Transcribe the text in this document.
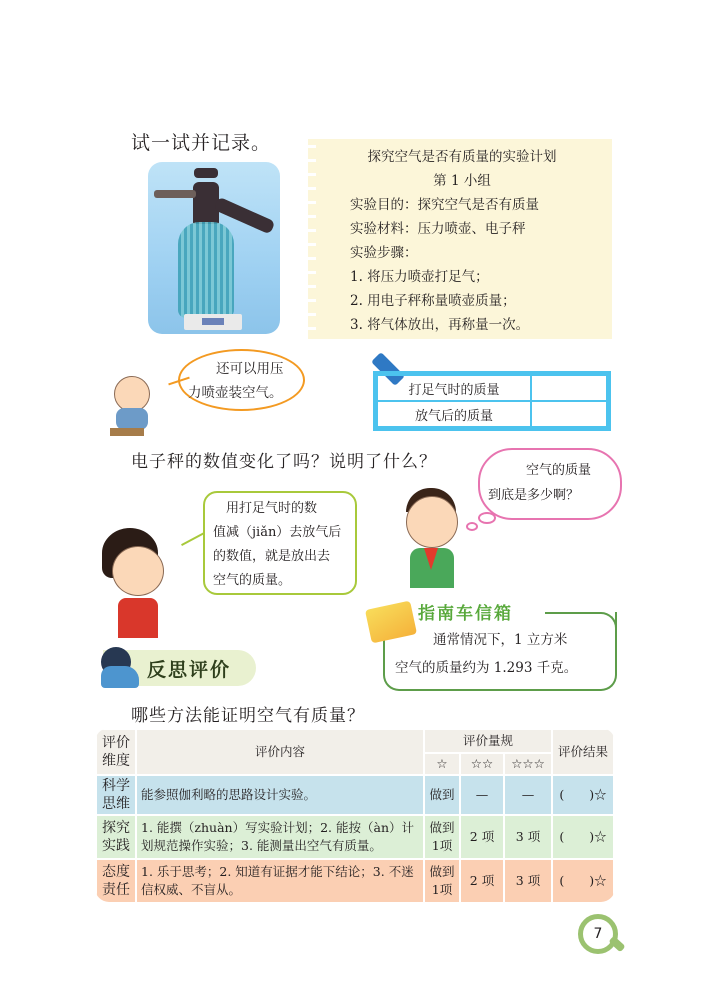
试一试并记录。
探究空气是否有质量的实验计划
第 1 小组
实验目的：探究空气是否有质量
实验材料：压力喷壶、电子秤
实验步骤：
1. 将压力喷壶打足气；
2. 用电子秤称量喷壶质量；
3. 将气体放出，再称量一次。
还可以用压
力喷壶装空气。	打足气时的质量	
放气后的质量	
电子秤的数值变化了吗？说明了什么？	空气的质量
到底是多少啊？
　用打足气时的数
值减（jiǎn）去放气后
的数值，就是放出去
空气的质量。
通常情况下，1 立方米
空气的质量约为 1.293 千克。
指南车信箱
反思评价
哪些方法能证明空气有质量？
评价维度	评价内容	评价量规			评价结果
		☆	☆☆	☆☆☆	
科学思维	能参照伽利略的思路设计实验。	做到	—	—	(　　)☆
探究实践	1. 能撰（zhuàn）写实验计划；2. 能按（àn）计划规范操作实验；3. 能测量出空气有质量。	做到1项	2 项	3 项	(　　)☆
态度责任	1. 乐于思考；2. 知道有证据才能下结论；3. 不迷信权威、不盲从。	做到1项	2 项	3 项	(　　)☆
7
